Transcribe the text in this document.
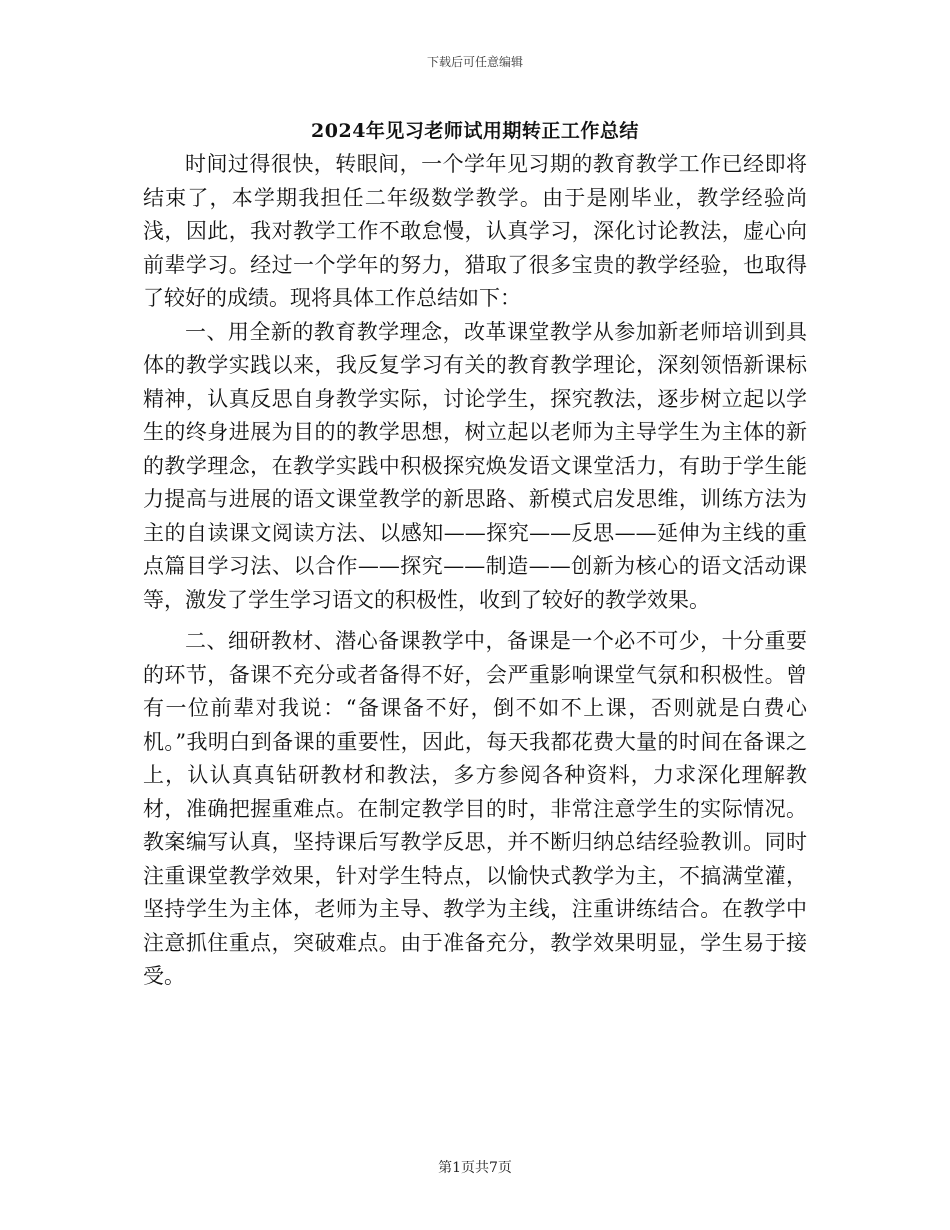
下载后可任意编辑
2024年见习老师试用期转正工作总结

时间过得很快，转眼间，一个学年见习期的教育教学工作已经即将结束了，本学期我担任二年级数学教学。由于是刚毕业，教学经验尚浅，因此，我对教学工作不敢怠慢，认真学习，深化讨论教法，虚心向前辈学习。经过一个学年的努力，猎取了很多宝贵的教学经验，也取得了较好的成绩。现将具体工作总结如下：

一、用全新的教育教学理念，改革课堂教学从参加新老师培训到具体的教学实践以来，我反复学习有关的教育教学理论，深刻领悟新课标精神，认真反思自身教学实际，讨论学生，探究教法，逐步树立起以学生的终身进展为目的的教学思想，树立起以老师为主导学生为主体的新的教学理念，在教学实践中积极探究焕发语文课堂活力，有助于学生能力提高与进展的语文课堂教学的新思路、新模式启发思维，训练方法为主的自读课文阅读方法、以感知——探究——反思——延伸为主线的重点篇目学习法、以合作——探究——制造——创新为核心的语文活动课等，激发了学生学习语文的积极性，收到了较好的教学效果。

二、细研教材、潜心备课教学中，备课是一个必不可少，十分重要的环节，备课不充分或者备得不好，会严重影响课堂气氛和积极性。曾有一位前辈对我说：“备课备不好，倒不如不上课，否则就是白费心机。”我明白到备课的重要性，因此，每天我都花费大量的时间在备课之上，认认真真钻研教材和教法，多方参阅各种资料，力求深化理解教材，准确把握重难点。在制定教学目的时，非常注意学生的实际情况。教案编写认真，坚持课后写教学反思，并不断归纳总结经验教训。同时注重课堂教学效果，针对学生特点，以愉快式教学为主，不搞满堂灌，坚持学生为主体，老师为主导、教学为主线，注重讲练结合。在教学中注意抓住重点，突破难点。由于准备充分，教学效果明显，学生易于接受。

第1页共7页
